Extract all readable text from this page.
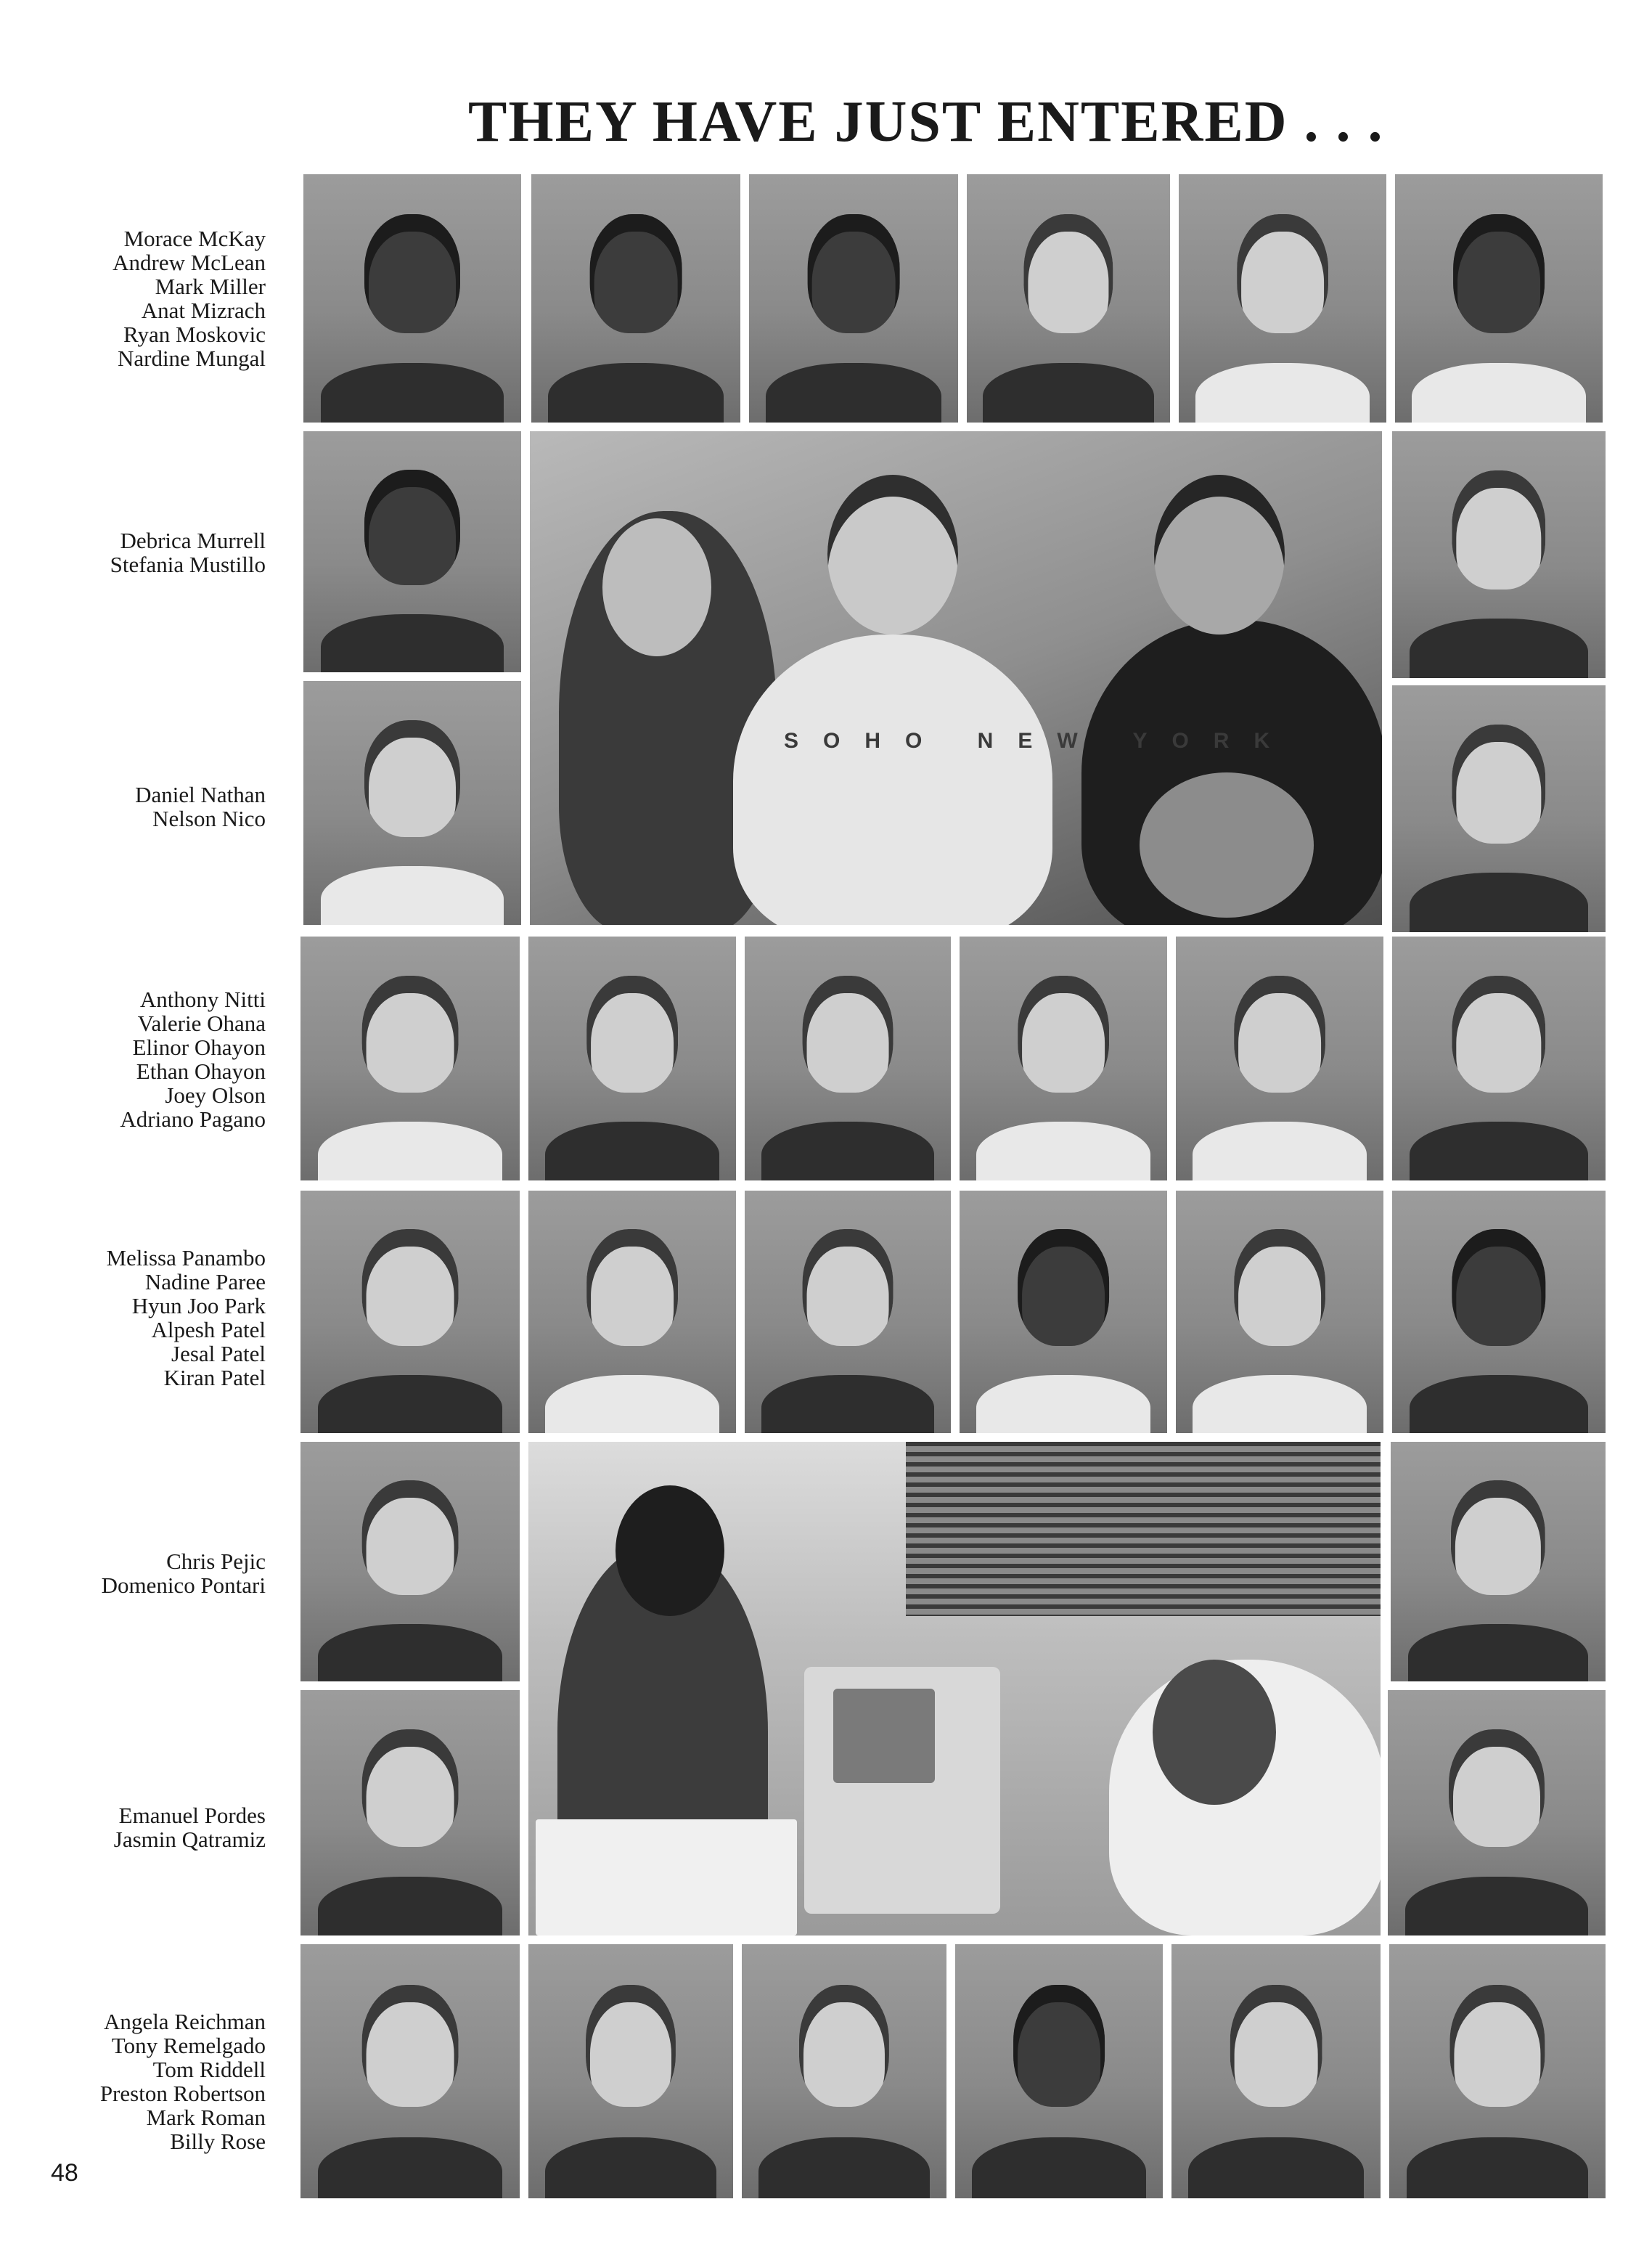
THEY HAVE JUST ENTERED . . .
Morace McKay
Andrew McLean
Mark Miller
Anat Mizrach
Ryan Moskovic
Nardine Mungal
Debrica Murrell
Stefania Mustillo
Daniel Nathan
Nelson Nico
Anthony Nitti
Valerie Ohana
Elinor Ohayon
Ethan Ohayon
Joey Olson
Adriano Pagano
Melissa Panambo
Nadine Paree
Hyun Joo Park
Alpesh Patel
Jesal Patel
Kiran Patel
Chris Pejic
Domenico Pontari
Emanuel Pordes
Jasmin Qatramiz
Angela Reichman
Tony Remelgado
Tom Riddell
Preston Robertson
Mark Roman
Billy Rose
SOHO NEW YORK
48
